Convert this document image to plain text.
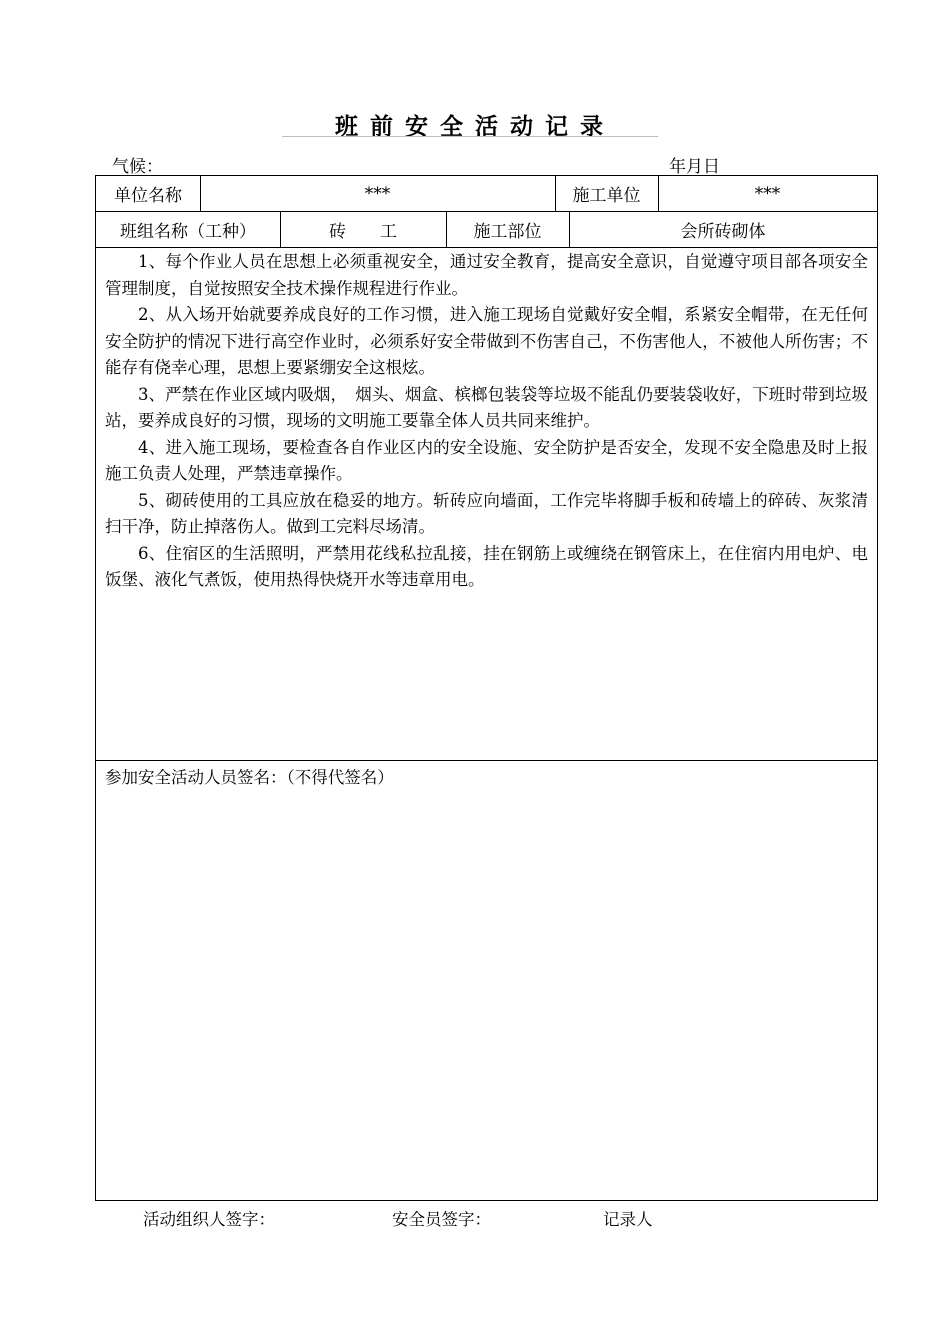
班前安全活动记录
气候：	年月日
单位名称	***	施工单位	***
班组名称（工种）	砖　　工	施工部位	会所砖砌体

1、每个作业人员在思想上必须重视安全，通过安全教育，提高安全意识，自觉遵守项目部各项安全管理制度，自觉按照安全技术操作规程进行作业。

2、从入场开始就要养成良好的工作习惯，进入施工现场自觉戴好安全帽，系紧安全帽带，在无任何安全防护的情况下进行高空作业时，必须系好安全带做到不伤害自己，不伤害他人，不被他人所伤害；不能存有侥幸心理，思想上要紧绷安全这根炫。

3、严禁在作业区域内吸烟，　烟头、烟盒、槟榔包装袋等垃圾不能乱仍要装袋收好，下班时带到垃圾站，要养成良好的习惯，现场的文明施工要靠全体人员共同来维护。

4、进入施工现场，要检查各自作业区内的安全设施、安全防护是否安全，发现不安全隐患及时上报施工负责人处理，严禁违章操作。

5、砌砖使用的工具应放在稳妥的地方。斩砖应向墙面，工作完毕将脚手板和砖墙上的碎砖、灰浆清扫干净，防止掉落伤人。做到工完料尽场清。

6、住宿区的生活照明，严禁用花线私拉乱接，挂在钢筋上或缠绕在钢管床上，在住宿内用电炉、电饭堡、液化气煮饭，使用热得快烧开水等违章用电。

参加安全活动人员签名：（不得代签名）
活动组织人签字：	安全员签字：	记录人
